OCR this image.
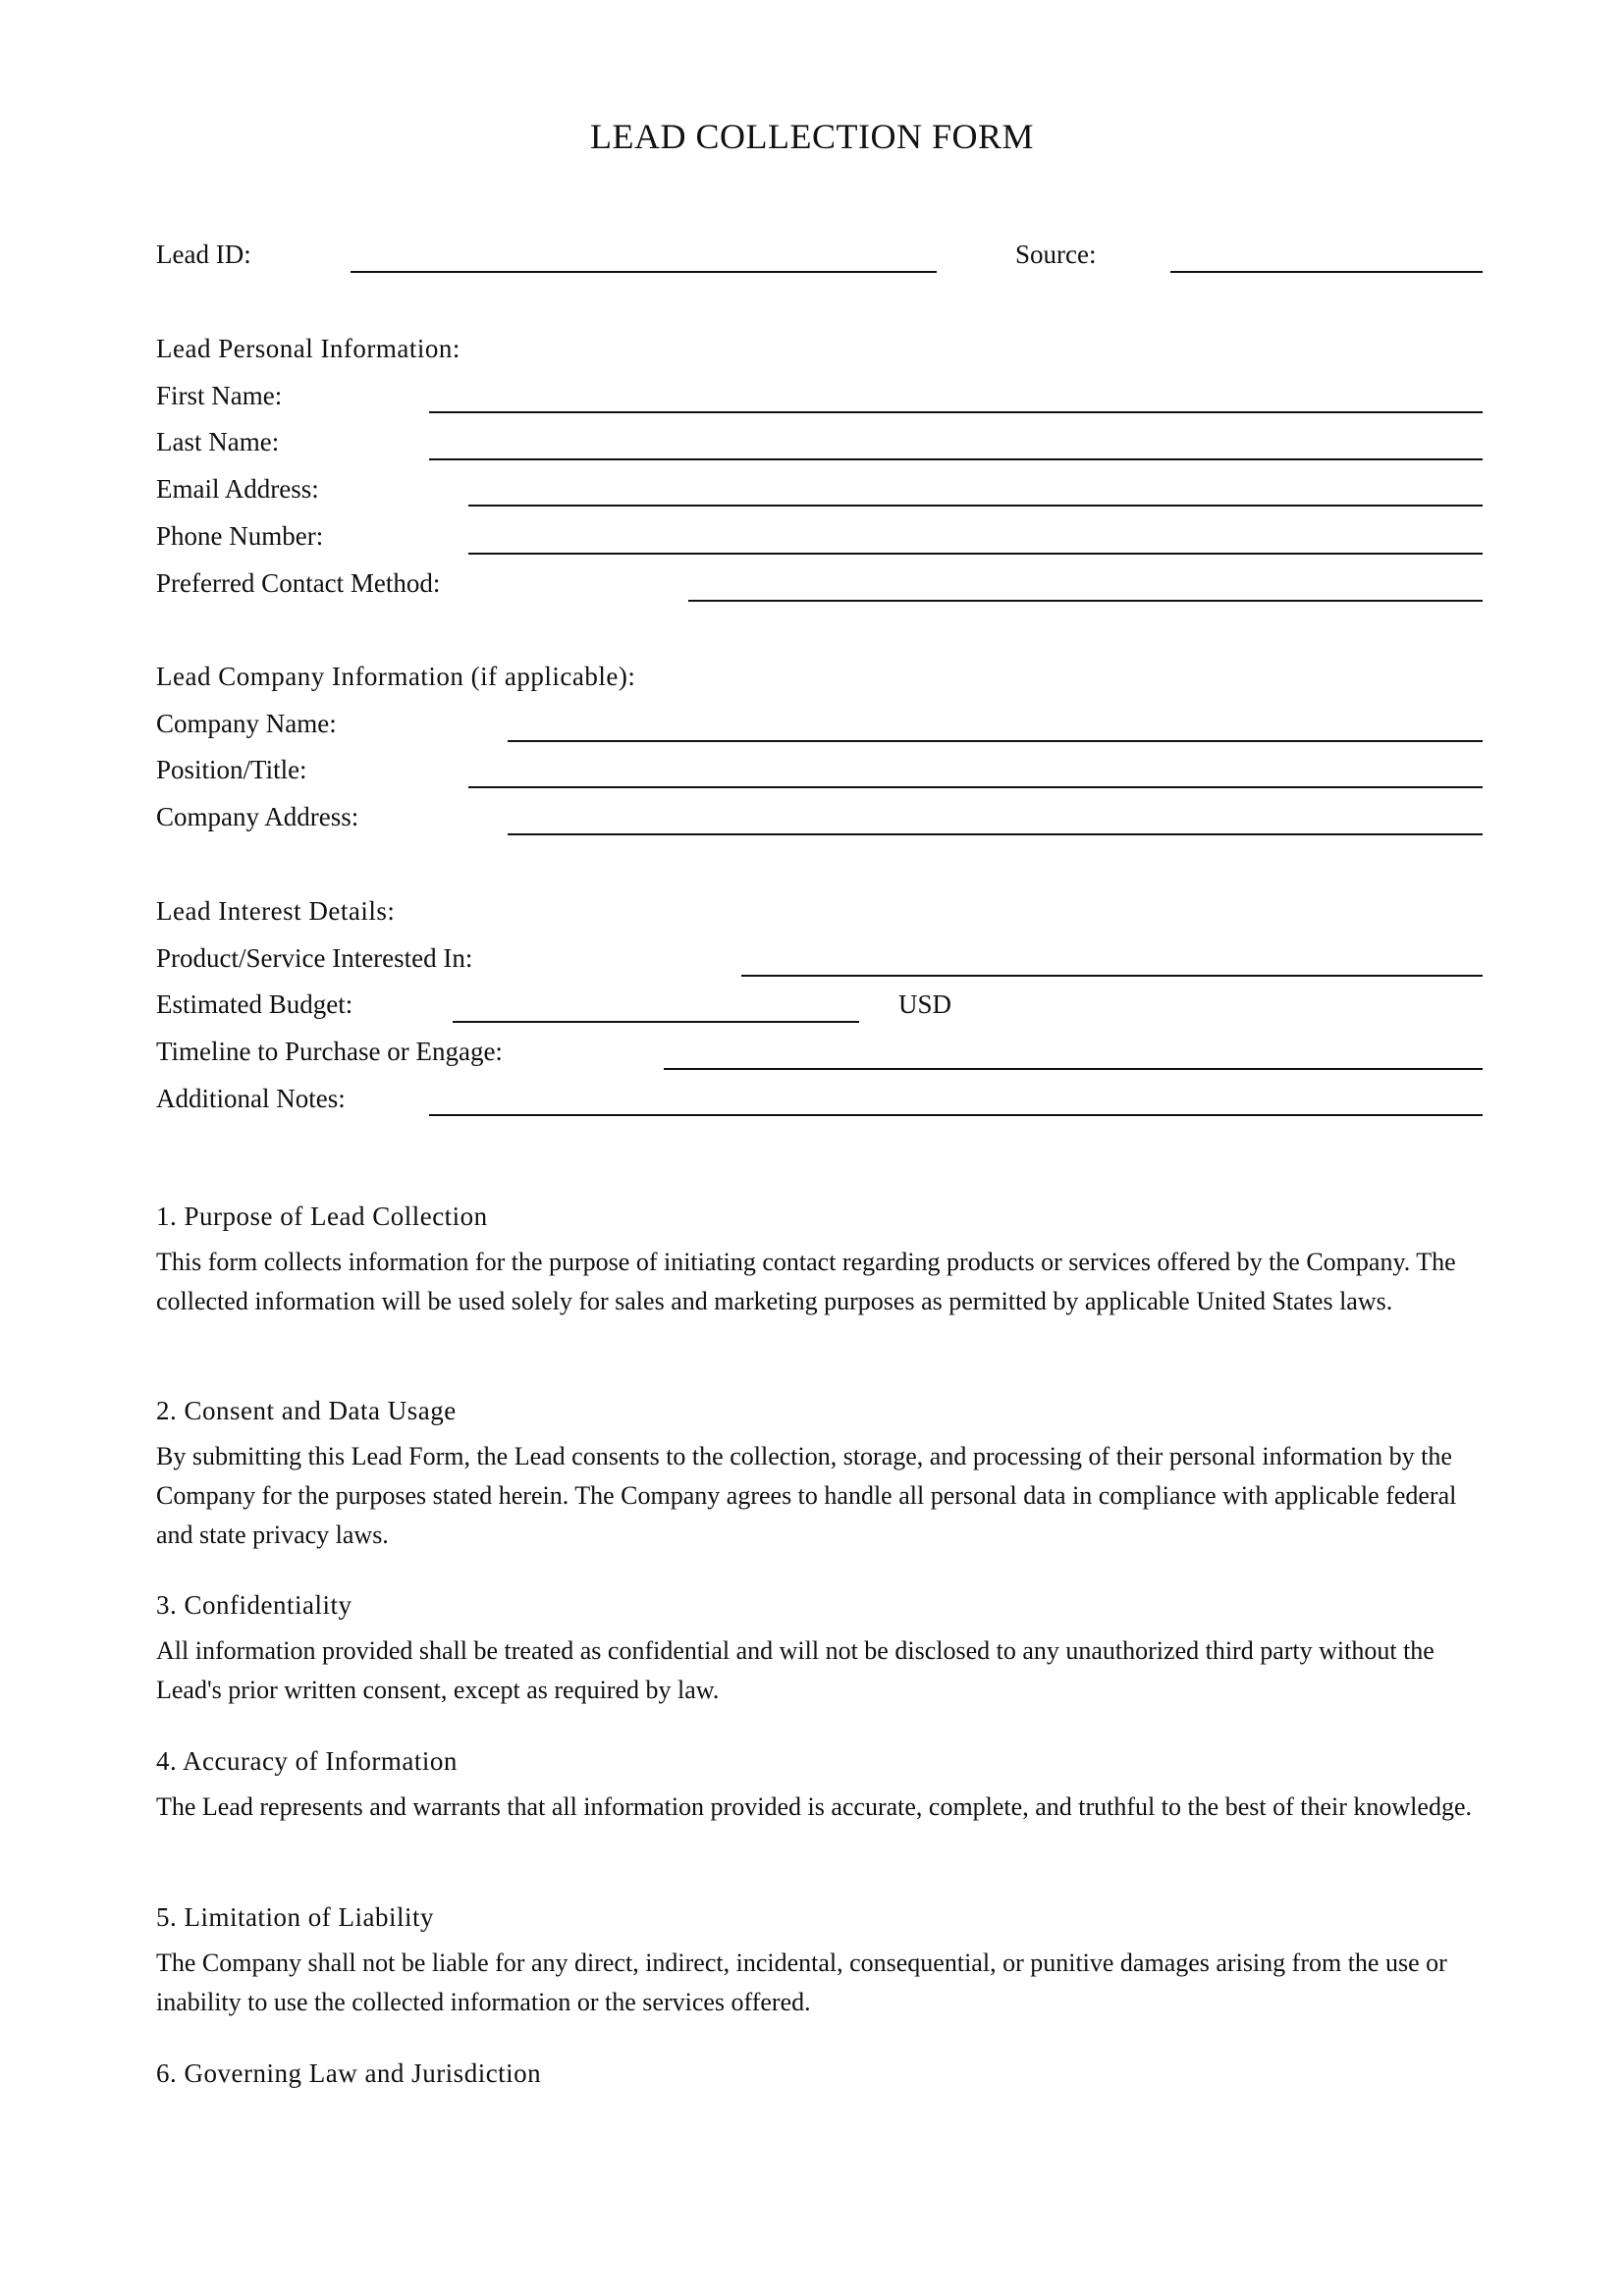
LEAD COLLECTION FORM
Lead ID:	Source:
Lead Personal Information:
First Name:
Last Name:
Email Address:
Phone Number:
Preferred Contact Method:
Lead Company Information (if applicable):
Company Name:
Position/Title:
Company Address:
Lead Interest Details:
Product/Service Interested In:
Estimated Budget:	USD
Timeline to Purchase or Engage:
Additional Notes:
1. Purpose of Lead Collection

This form collects information for the purpose of initiating contact regarding products or services offered by the Company. The collected information will be used solely for sales and marketing purposes as permitted by applicable United States laws.

2. Consent and Data Usage

By submitting this Lead Form, the Lead consents to the collection, storage, and processing of their personal information by the Company for the purposes stated herein. The Company agrees to handle all personal data in compliance with applicable federal and state privacy laws.

3. Confidentiality

All information provided shall be treated as confidential and will not be disclosed to any unauthorized third party without the Lead's prior written consent, except as required by law.

4. Accuracy of Information

The Lead represents and warrants that all information provided is accurate, complete, and truthful to the best of their knowledge.

5. Limitation of Liability

The Company shall not be liable for any direct, indirect, incidental, consequential, or punitive damages arising from the use or inability to use the collected information or the services offered.

6. Governing Law and Jurisdiction
